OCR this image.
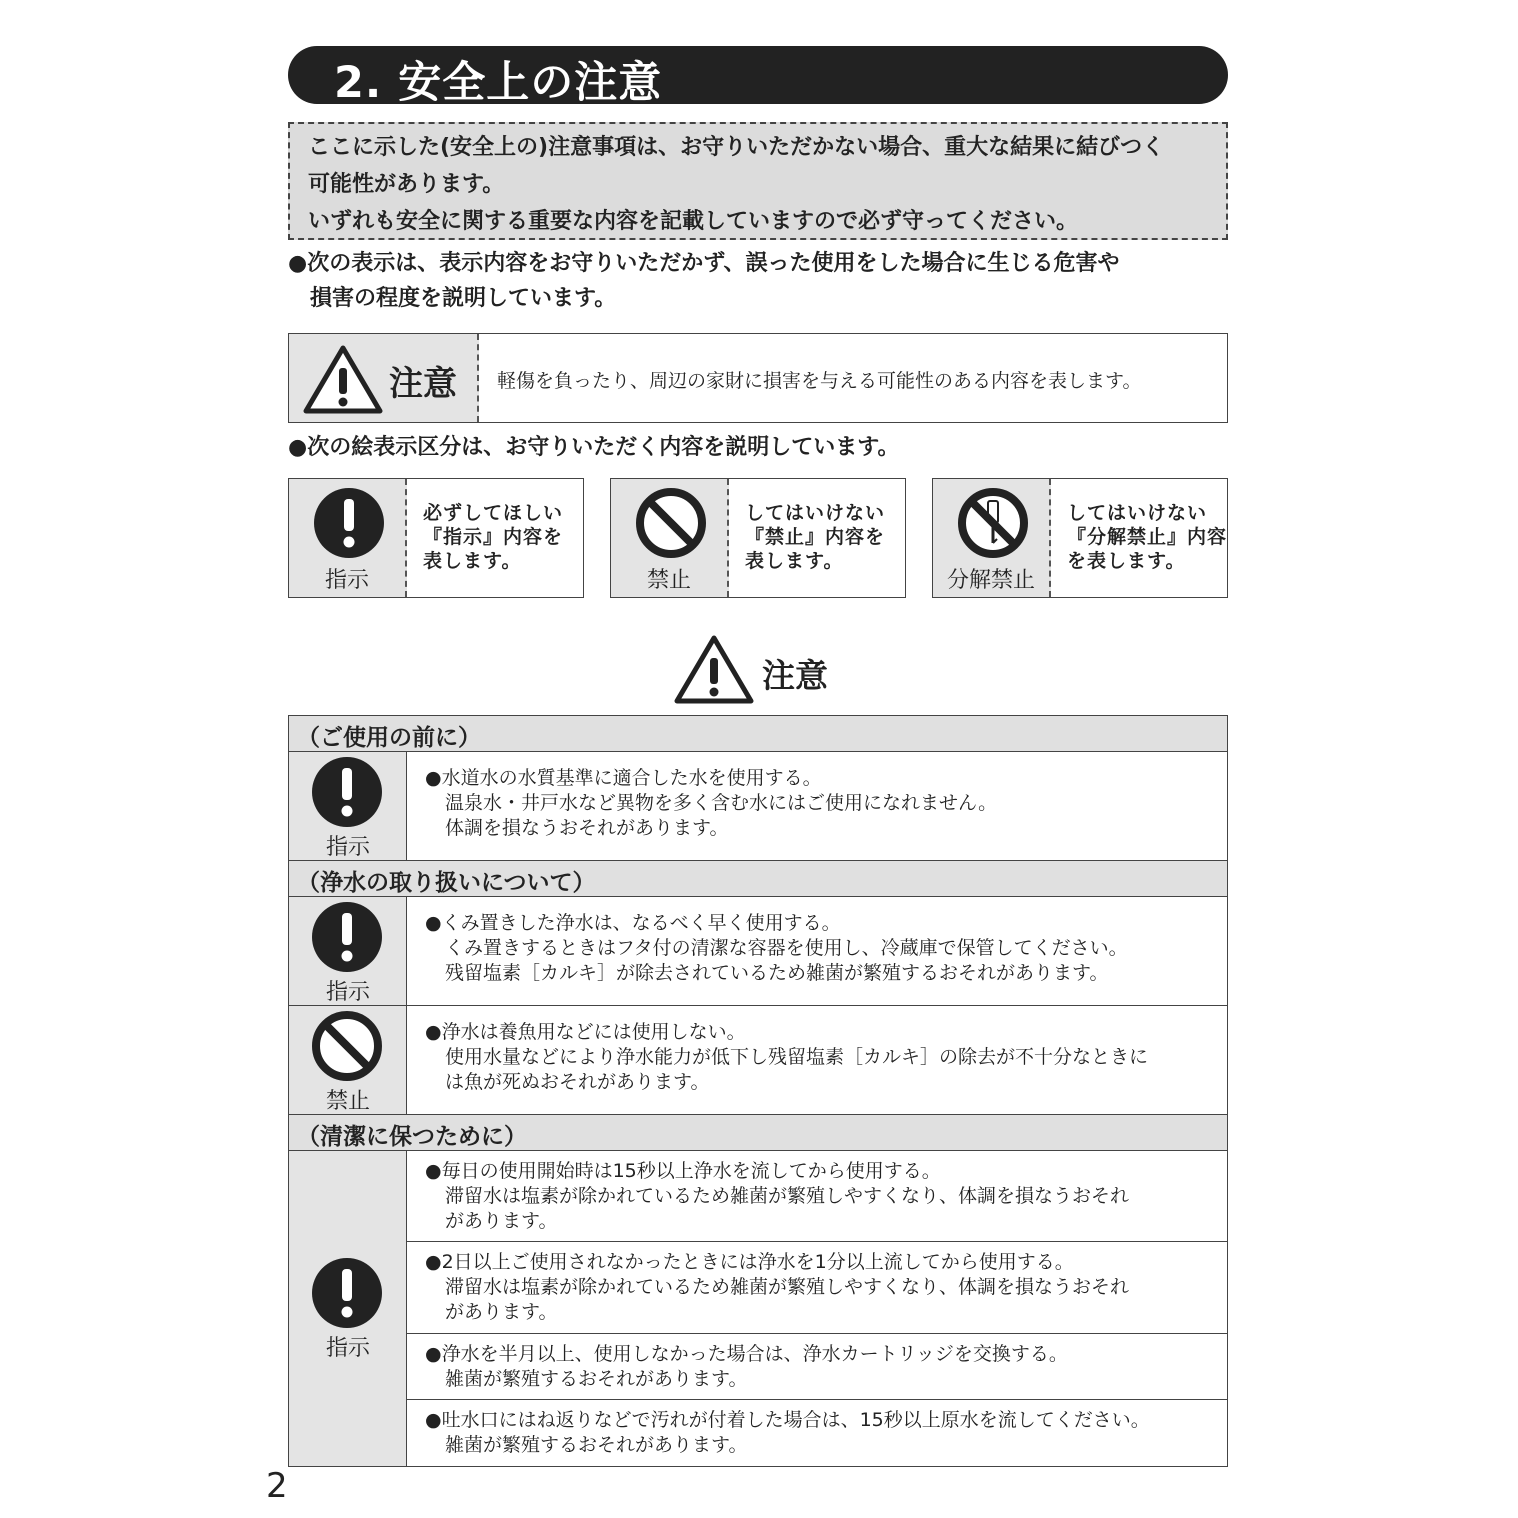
2. 安全上の注意

ここに示した(安全上の)注意事項は、お守りいただかない場合、重大な結果に結びつく

可能性があります。

いずれも安全に関する重要な内容を記載していますので必ず守ってください。

●次の表示は、表示内容をお守りいただかず、誤った使用をした場合に生じる危害や
　損害の程度を説明しています。
注意 軽傷を負ったり、周辺の家財に損害を与える可能性のある内容を表します。
●次の絵表示区分は、お守りいただく内容を説明しています。
指示
必ずしてほしい
『指示』内容を
表します。
禁止
してはいけない
『禁止』内容を
表します。
分解禁止
してはいけない
『分解禁止』内容
を表します。
注意
（ご使用の前に）
指示
●水道水の水質基準に適合した水を使用する。
温泉水・井戸水など異物を多く含む水にはご使用になれません。
体調を損なうおそれがあります。
（浄水の取り扱いについて）
指示
●くみ置きした浄水は、なるべく早く使用する。
くみ置きするときはフタ付の清潔な容器を使用し、冷蔵庫で保管してください。
残留塩素［カルキ］が除去されているため雑菌が繁殖するおそれがあります。
禁止
●浄水は養魚用などには使用しない。
使用水量などにより浄水能力が低下し残留塩素［カルキ］の除去が不十分なときに
は魚が死ぬおそれがあります。
（清潔に保つために）
指示
●毎日の使用開始時は15秒以上浄水を流してから使用する。
滞留水は塩素が除かれているため雑菌が繁殖しやすくなり、体調を損なうおそれ
があります。
●2日以上ご使用されなかったときには浄水を1分以上流してから使用する。
滞留水は塩素が除かれているため雑菌が繁殖しやすくなり、体調を損なうおそれ
があります。
●浄水を半月以上、使用しなかった場合は、浄水カートリッジを交換する。
雑菌が繁殖するおそれがあります。
●吐水口にはね返りなどで汚れが付着した場合は、15秒以上原水を流してください。
雑菌が繁殖するおそれがあります。
2
